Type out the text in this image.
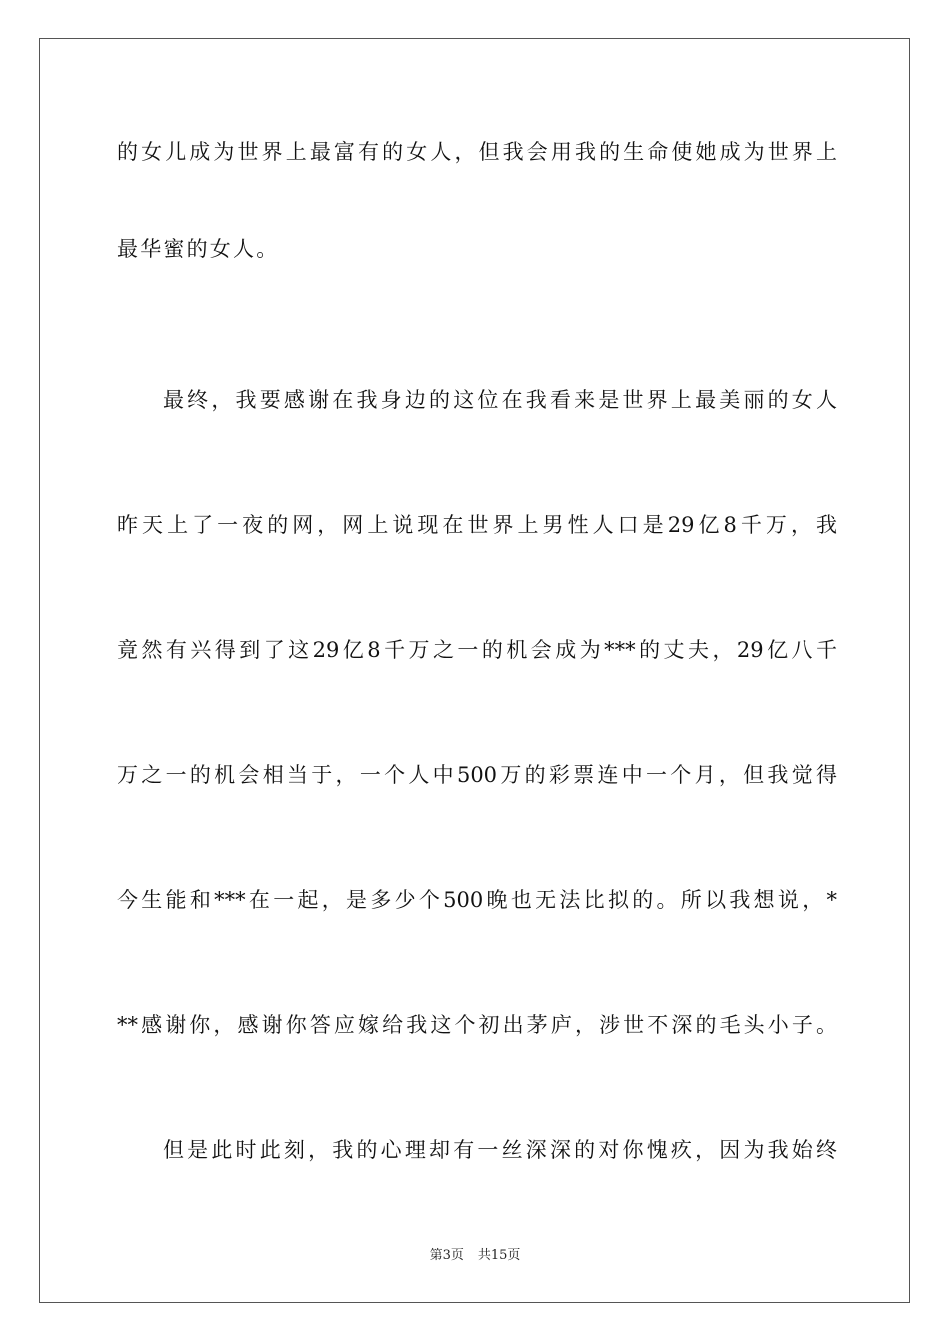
的女儿成为世界上最富有的女人，但我会用我的生命使她成为世界上
最华蜜的女人。
最终，我要感谢在我身边的这位在我看来是世界上最美丽的女人
昨天上了一夜的网，网上说现在世界上男性人口是29亿8千万，我
竟然有兴得到了这29亿8千万之一的机会成为***的丈夫，29亿八千
万之一的机会相当于，一个人中500万的彩票连中一个月，但我觉得
今生能和***在一起，是多少个500晚也无法比拟的。所以我想说，*
**感谢你，感谢你答应嫁给我这个初出茅庐，涉世不深的毛头小子。
但是此时此刻，我的心理却有一丝深深的对你愧疚，因为我始终
第3页 共15页
